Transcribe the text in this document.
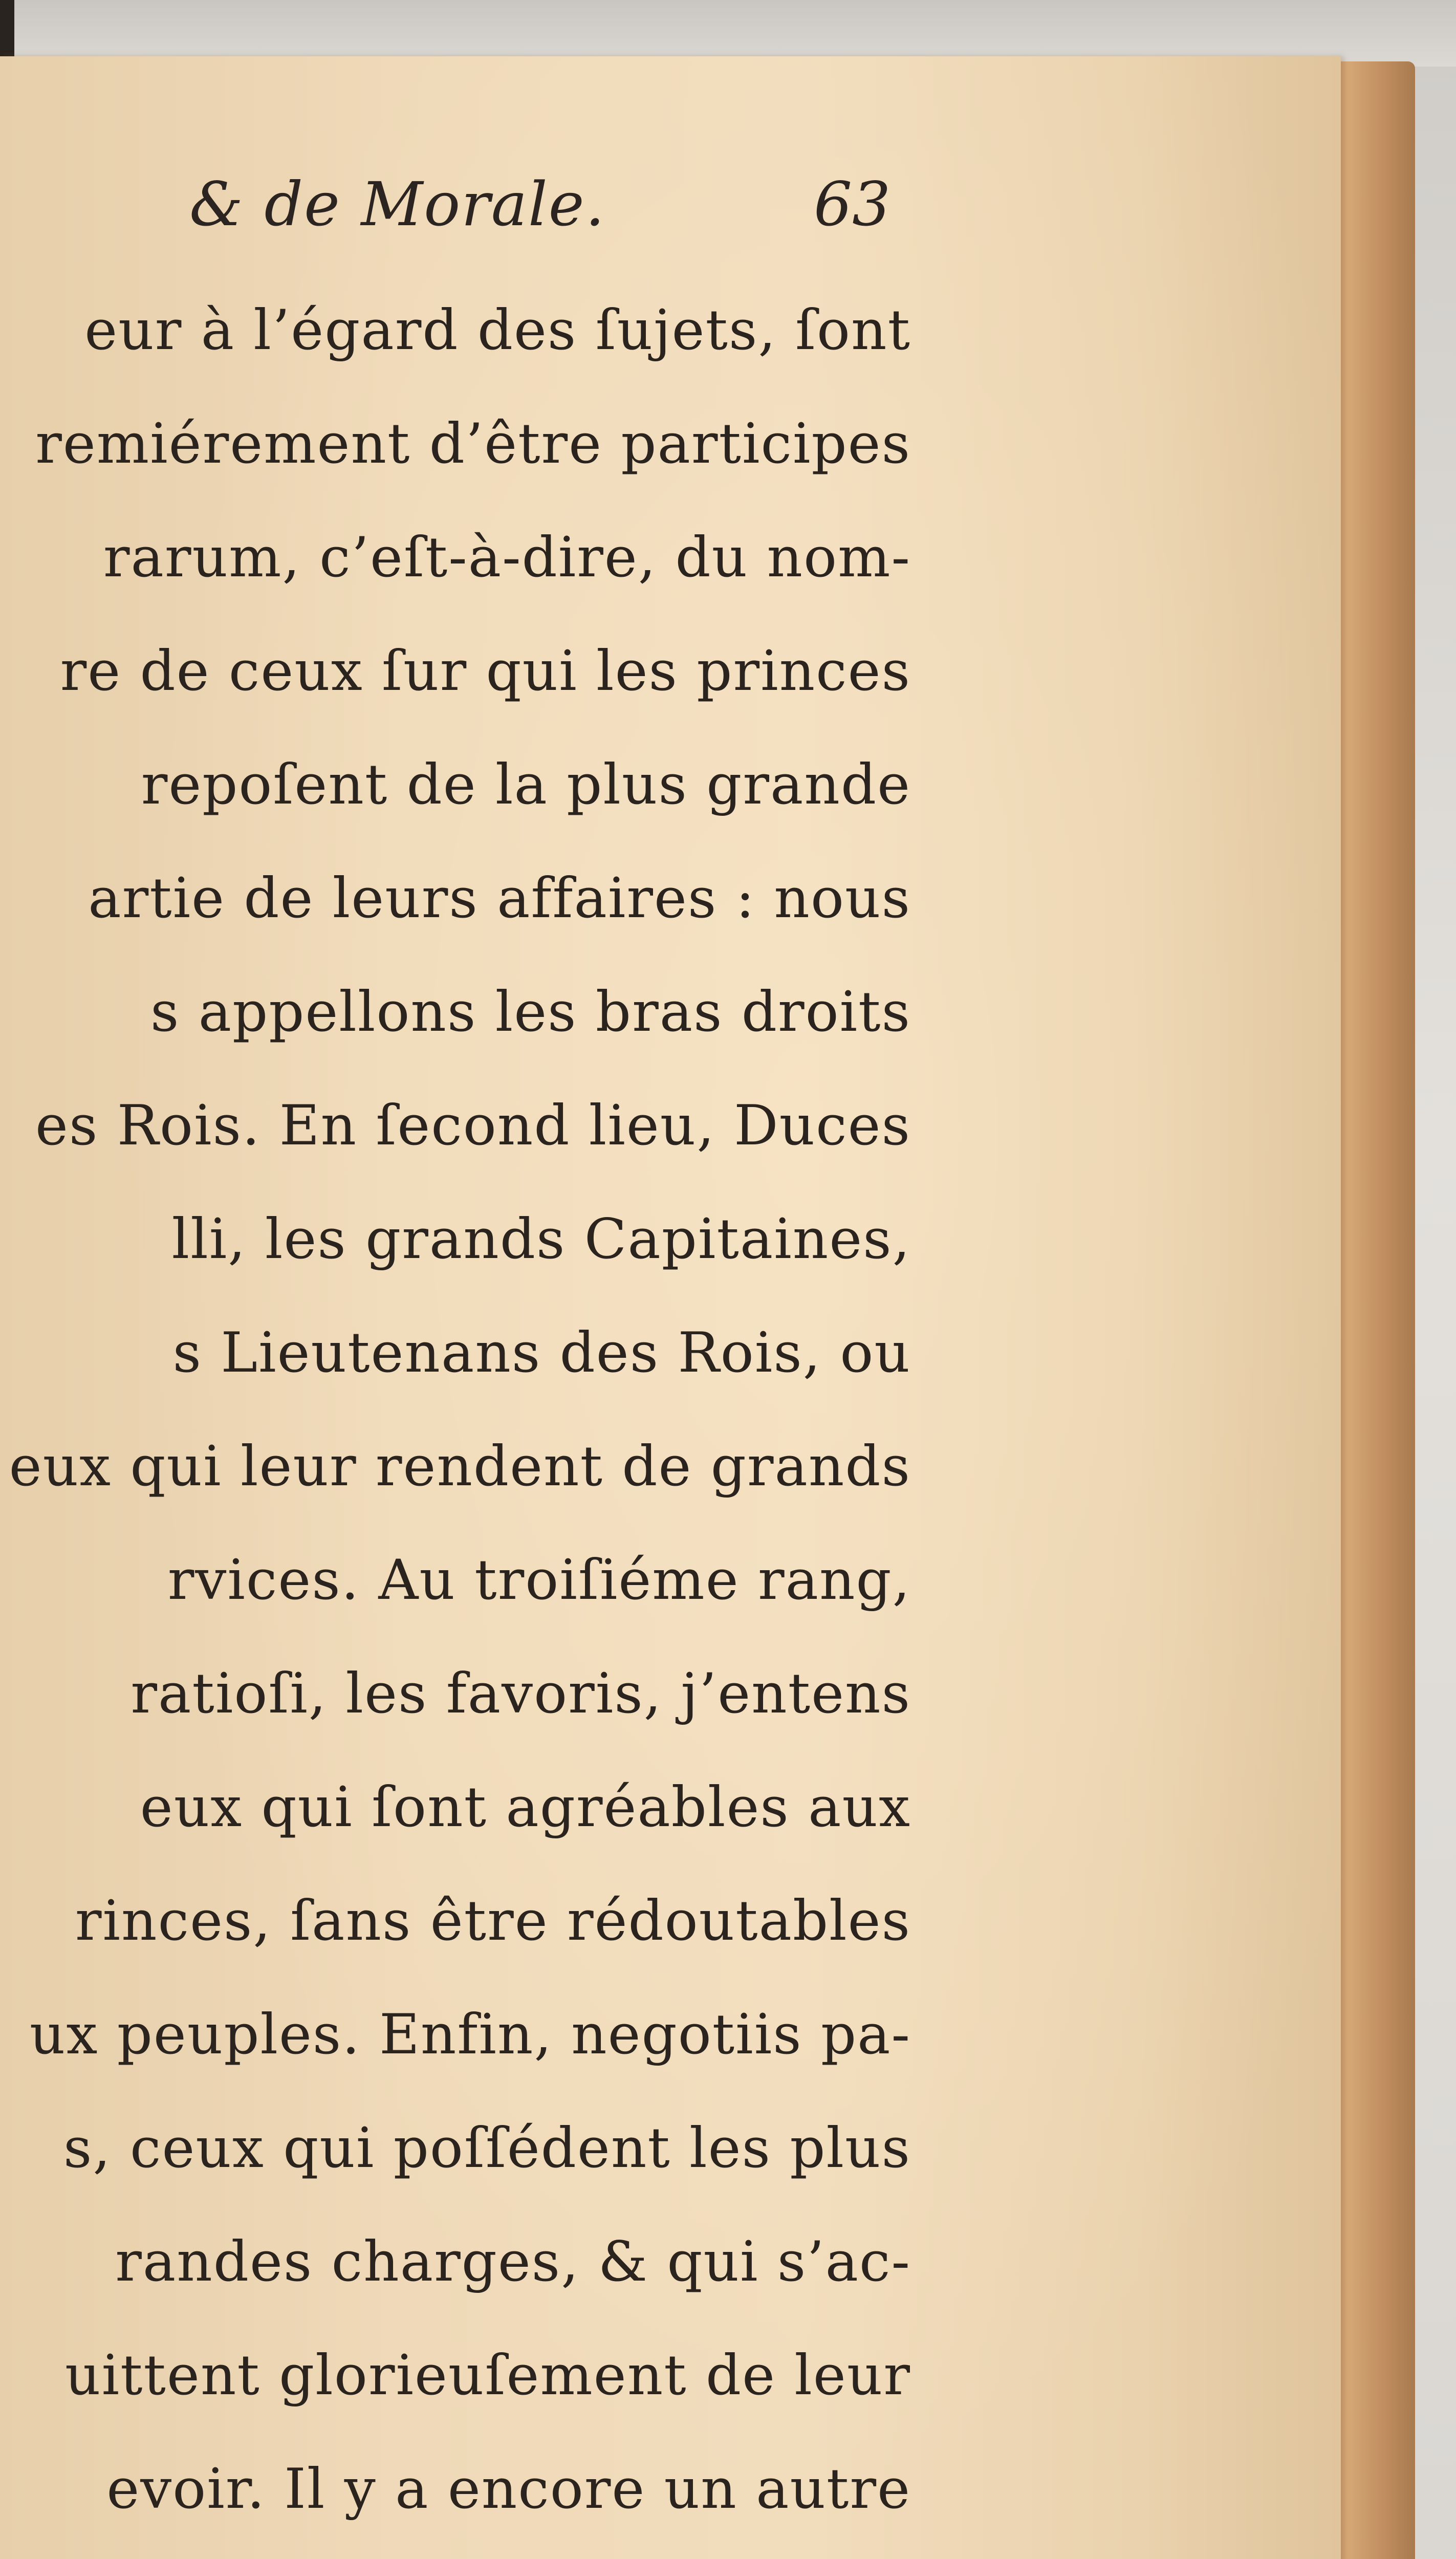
& de Morale.	63
eur à l’égard des ſujets, ſont
remiérement d’être participes
rarum, c’eſt-à-dire, du nom-
re de ceux ſur qui les princes
repoſent de la plus grande
artie de leurs affaires : nous
s appellons les bras droits
es Rois. En ſecond lieu, Duces
lli, les grands Capitaines,
s Lieutenans des Rois, ou
eux qui leur rendent de grands
rvices. Au troiſiéme rang,
ratioſi, les favoris, j’entens
eux qui ſont agréables aux
rinces, ſans être rédoutables
ux peuples. Enfin, negotiis pa-
s, ceux qui poſſédent les plus
randes charges, & qui s’ac-
uittent glorieuſement de leur
evoir. Il y a encore un autre
